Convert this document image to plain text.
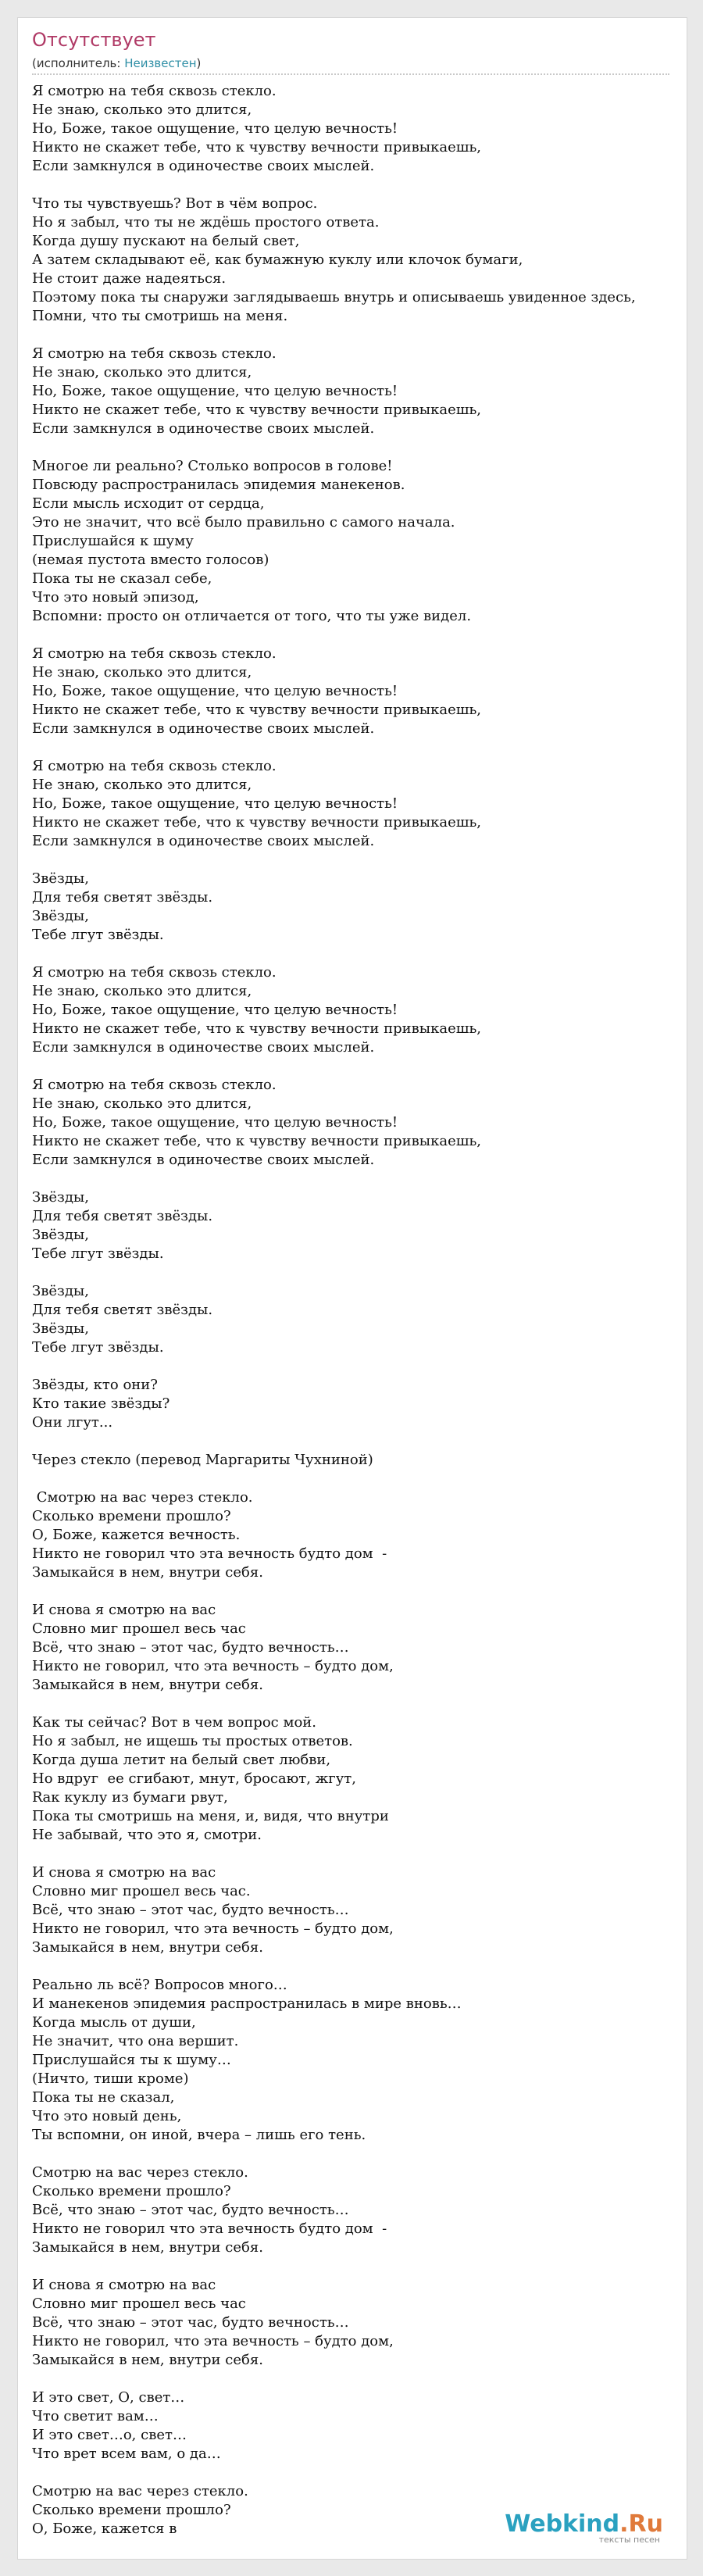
Отсутствует
(исполнитель: Неизвестен)
Я смотрю на тебя сквозь стекло.
Не знаю, сколько это длится,
Но, Боже, такое ощущение, что целую вечность!
Никто не скажет тебе, что к чувству вечности привыкаешь,
Если замкнулся в одиночестве своих мыслей.

Что ты чувствуешь? Вот в чём вопрос.
Но я забыл, что ты не ждёшь простого ответа.
Когда душу пускают на белый свет,
А затем складывают её, как бумажную куклу или клочок бумаги,
Не стоит даже надеяться.
Поэтому пока ты снаружи заглядываешь внутрь и описываешь увиденное здесь,
Помни, что ты смотришь на меня.

Я смотрю на тебя сквозь стекло.
Не знаю, сколько это длится,
Но, Боже, такое ощущение, что целую вечность!
Никто не скажет тебе, что к чувству вечности привыкаешь,
Если замкнулся в одиночестве своих мыслей.

Многое ли реально? Столько вопросов в голове!
Повсюду распространилась эпидемия манекенов.
Если мысль исходит от сердца,
Это не значит, что всё было правильно с самого начала.
Прислушайся к шуму
(немая пустота вместо голосов)
Пока ты не сказал себе,
Что это новый эпизод,
Вспомни: просто он отличается от того, что ты уже видел.

Я смотрю на тебя сквозь стекло.
Не знаю, сколько это длится,
Но, Боже, такое ощущение, что целую вечность!
Никто не скажет тебе, что к чувству вечности привыкаешь,
Если замкнулся в одиночестве своих мыслей.

Я смотрю на тебя сквозь стекло.
Не знаю, сколько это длится,
Но, Боже, такое ощущение, что целую вечность!
Никто не скажет тебе, что к чувству вечности привыкаешь,
Если замкнулся в одиночестве своих мыслей.

Звёзды,
Для тебя светят звёзды.
Звёзды,
Тебе лгут звёзды.

Я смотрю на тебя сквозь стекло.
Не знаю, сколько это длится,
Но, Боже, такое ощущение, что целую вечность!
Никто не скажет тебе, что к чувству вечности привыкаешь,
Если замкнулся в одиночестве своих мыслей.

Я смотрю на тебя сквозь стекло.
Не знаю, сколько это длится,
Но, Боже, такое ощущение, что целую вечность!
Никто не скажет тебе, что к чувству вечности привыкаешь,
Если замкнулся в одиночестве своих мыслей.

Звёзды,
Для тебя светят звёзды.
Звёзды,
Тебе лгут звёзды.

Звёзды,
Для тебя светят звёзды.
Звёзды,
Тебе лгут звёзды.

Звёзды, кто они?
Кто такие звёзды?
Они лгут...

Через стекло (перевод Маргариты Чухниной)

Смотрю на вас через стекло.
Сколько времени прошло?
О, Боже, кажется вечность.
Никто не говорил что эта вечность будто дом  -
Замыкайся в нем, внутри себя.

И снова я смотрю на вас
Словно миг прошел весь час
Всё, что знаю – этот час, будто вечность…
Никто не говорил, что эта вечность – будто дом,
Замыкайся в нем, внутри себя.

Как ты сейчас? Вот в чем вопрос мой.
Но я забыл, не ищешь ты простых ответов.
Когда душа летит на белый свет любви,
Но вдруг  ее сгибают, мнут, бросают, жгут,
Rак куклу из бумаги рвут,
Пока ты смотришь на меня, и, видя, что внутри
Не забывай, что это я, смотри.

И снова я смотрю на вас
Словно миг прошел весь час.
Всё, что знаю – этот час, будто вечность…
Никто не говорил, что эта вечность – будто дом,
Замыкайся в нем, внутри себя.

Реально ль всё? Вопросов много…
И манекенов эпидемия распространилась в мире вновь…
Когда мысль от души,
Не значит, что она вершит.
Прислушайся ты к шуму…
(Ничто, тиши кроме)
Пока ты не сказал,
Что это новый день,
Ты вспомни, он иной, вчера – лишь его тень.

Смотрю на вас через стекло.
Сколько времени прошло?
Всё, что знаю – этот час, будто вечность…
Никто не говорил что эта вечность будто дом  -
Замыкайся в нем, внутри себя.

И снова я смотрю на вас
Словно миг прошел весь час
Всё, что знаю – этот час, будто вечность…
Никто не говорил, что эта вечность – будто дом,
Замыкайся в нем, внутри себя.

И это свет, О, свет…
Что светит вам…
И это свет…о, свет…
Что врет всем вам, о да…

Смотрю на вас через стекло.
Сколько времени прошло?
О, Боже, кажется в	Webkind.Ru
тексты песен
